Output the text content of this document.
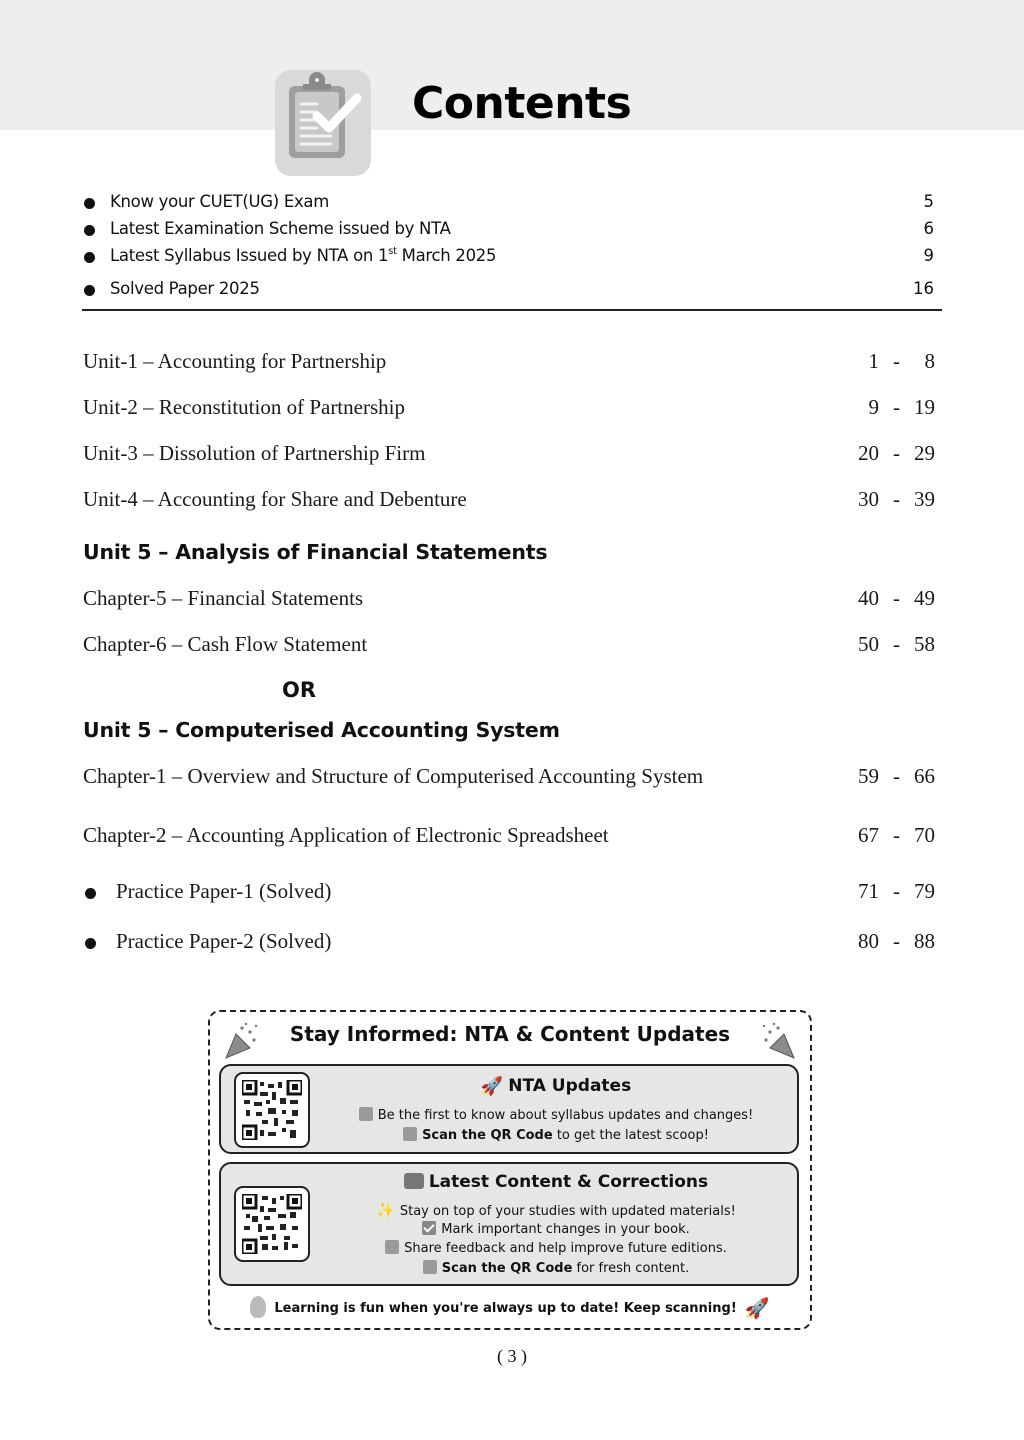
Contents
Know your CUET(UG) Exam	5
Latest Examination Scheme issued by NTA	6
Latest Syllabus Issued by NTA on 1st March 2025	9
Solved Paper 2025	16
Unit-1 – Accounting for Partnership	1 - 8
Unit-2 – Reconstitution of Partnership	9 - 19
Unit-3 – Dissolution of Partnership Firm	20 - 29
Unit-4 – Accounting for Share and Debenture	30 - 39
Unit 5 – Analysis of Financial Statements
Chapter-5 – Financial Statements	40 - 49
Chapter-6 – Cash Flow Statement	50 - 58
OR
Unit 5 – Computerised Accounting System
Chapter-1 – Overview and Structure of Computerised Accounting System	59 - 66
Chapter-2 – Accounting Application of Electronic Spreadsheet	67 - 70
Practice Paper-1 (Solved)	71 - 79
Practice Paper-2 (Solved)	80 - 88
Stay Informed: NTA & Content Updates
🚀 NTA Updates
Be the first to know about syllabus updates and changes!
Scan the QR Code to get the latest scoop!
Latest Content & Corrections
✨ Stay on top of your studies with updated materials!
Mark important changes in your book.
Share feedback and help improve future editions.
Scan the QR Code for fresh content.
Learning is fun when you're always up to date! Keep scanning! 🚀
( 3 )
